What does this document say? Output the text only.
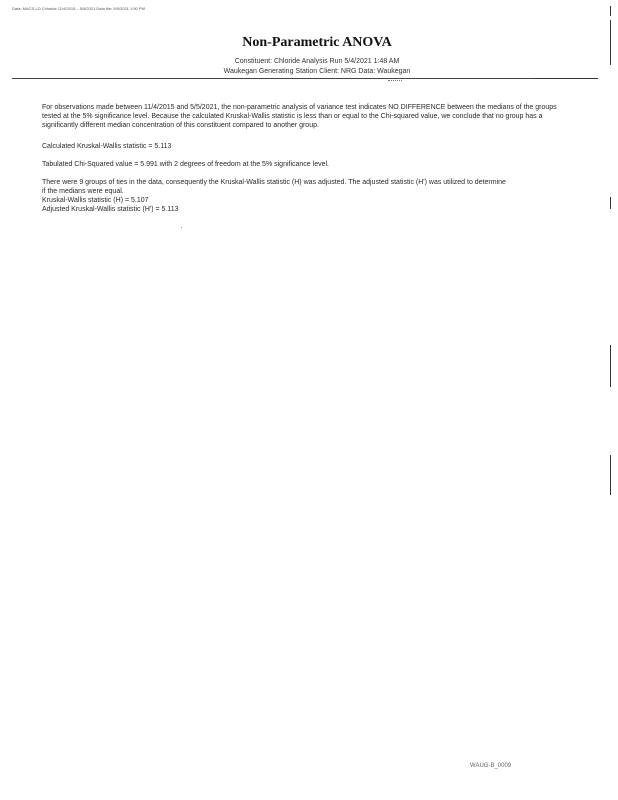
Data: MACS-LD Chloride 11/4/2015 – 5/5/2021 Data file: 5/5/2021 1:50 PM
Non-Parametric ANOVA
Constituent: Chloride Analysis Run 5/4/2021 1:48 AM
Waukegan Generating Station Client: NRG Data: Waukegan
For observations made between 11/4/2015 and 5/5/2021, the non-parametric analysis of variance test indicates NO DIFFERENCE between the medians of the groups tested at the 5% significance level. Because the calculated Kruskal-Wallis statistic is less than or equal to the Chi-squared value, we conclude that no group has a significantly different median concentration of this constituent compared to another group.
Calculated Kruskal-Wallis statistic = 5.113
Tabulated Chi-Squared value = 5.991 with 2 degrees of freedom at the 5% significance level.
There were 9 groups of ties in the data, consequently the Kruskal-Wallis statistic (H) was adjusted. The adjusted statistic (H') was utilized to determine
if the medians were equal.
Kruskal-Wallis statistic (H) = 5.107
Adjusted Kruskal-Wallis statistic (H') = 5.113
WAUG-B_0009
